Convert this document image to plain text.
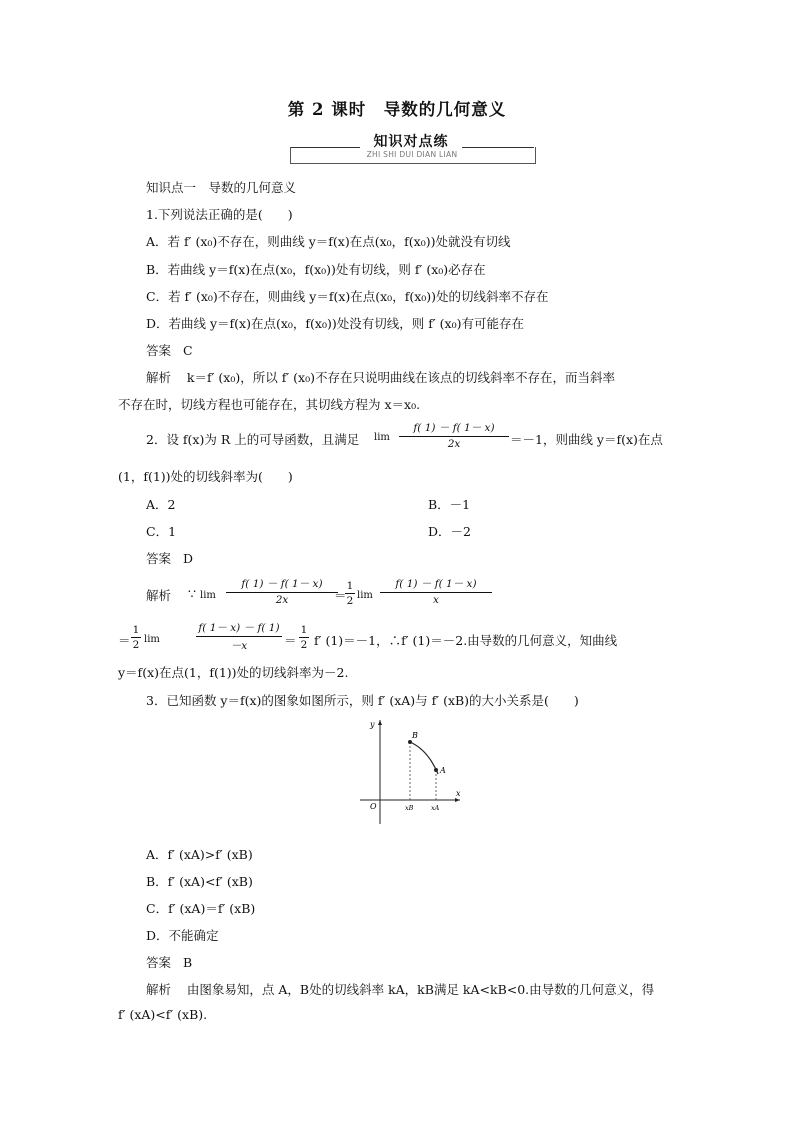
第 2 课时　导数的几何意义
知识对点练
ZHI SHI DUI DIAN LIAN
知识点一　导数的几何意义
1.下列说法正确的是(　　)
A．若 f′ (x₀)不存在，则曲线 y＝f(x)在点(x₀，f(x₀))处就没有切线
B．若曲线 y＝f(x)在点(x₀，f(x₀))处有切线，则 f′ (x₀)必存在
C．若 f′ (x₀)不存在，则曲线 y＝f(x)在点(x₀，f(x₀))处的切线斜率不存在
D．若曲线 y＝f(x)在点(x₀，f(x₀))处没有切线，则 f′ (x₀)有可能存在
答案 C
解析 k＝f′ (x₀)，所以 f′ (x₀)不存在只说明曲线在该点的切线斜率不存在，而当斜率
不存在时，切线方程也可能存在，其切线方程为 x＝x₀.
2．设 f(x)为 R 上的可导函数，且满足 lim
f( 1) － f( 1－ x)
2x	＝－1，则曲线 y＝f(x)在点
(1，f(1))处的切线斜率为(　　)
A．2	B．－1
C．1	D．－2
答案 D
解析 ∵ lim
f( 1) － f( 1－ x)
2x	＝
1
2 lim
f( 1) － f( 1－ x)
x
＝
1
2 lim
f( 1－ x) － f( 1)
－x	＝
1
2 f′ (1)＝－1，∴f′ (1)＝－2.由导数的几何意义，知曲线
y＝f(x)在点(1，f(1))处的切线斜率为－2.
3．已知函数 y＝f(x)的图象如图所示，则 f′ (xA)与 f′ (xB)的大小关系是(　　)
y
x
O
B
A
xB	xA
A．f′ (xA)>f′ (xB)
B．f′ (xA)<f′ (xB)
C．f′ (xA)＝f′ (xB)
D．不能确定
答案 B
解析 由图象易知，点 A，B处的切线斜率 kA，kB满足 kA<kB<0.由导数的几何意义，得
f′ (xA)<f′ (xB).
